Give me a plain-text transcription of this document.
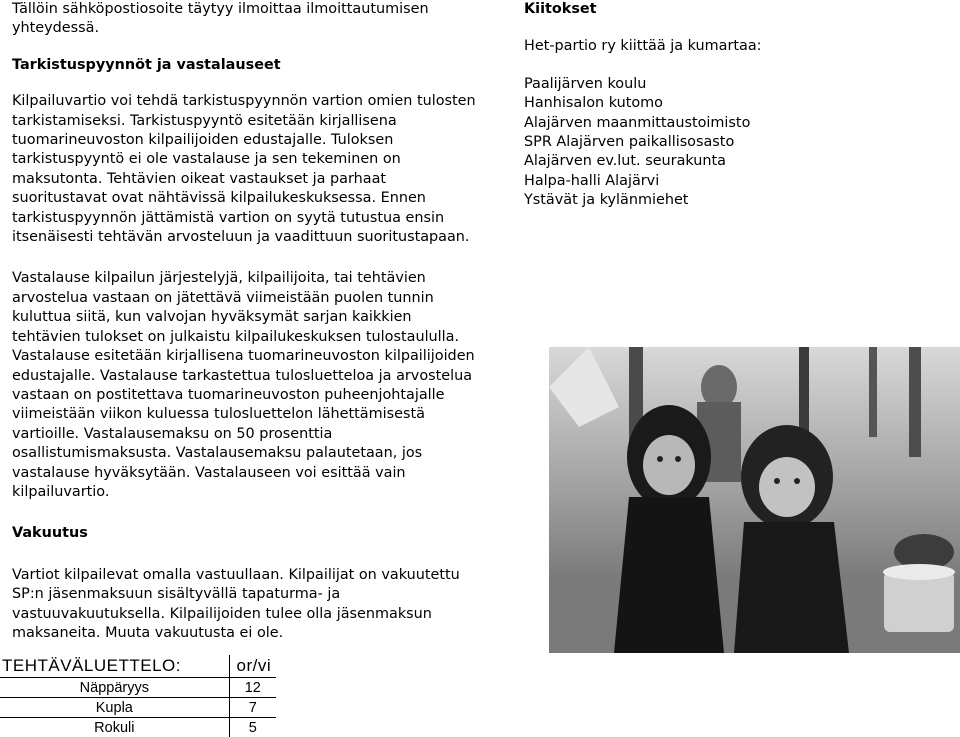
Tällöin sähköpostiosoite täytyy ilmoittaa ilmoittautumisen yhteydessä.

Tarkistuspyynnöt ja vastalauseet

Kilpailuvartio voi tehdä tarkistuspyynnön vartion omien tulosten tarkistamiseksi. Tarkistuspyyntö esitetään kirjallisena tuomarineuvoston kilpailijoiden edustajalle. Tuloksen tarkistuspyyntö ei ole vastalause ja sen tekeminen on maksutonta. Tehtävien oikeat vastaukset ja parhaat suoritustavat ovat nähtävissä kilpailukeskuksessa. Ennen tarkistuspyynnön jättämistä vartion on syytä tutustua ensin itsenäisesti tehtävän arvosteluun ja vaadittuun suoritustapaan.

Vastalause kilpailun järjestelyjä, kilpailijoita, tai tehtävien arvostelua vastaan on jätettävä viimeistään puolen tunnin kuluttua siitä, kun valvojan hyväksymät sarjan kaikkien tehtävien tulokset on julkaistu kilpailukeskuksen tulostaululla. Vastalause esitetään kirjallisena tuomarineuvoston kilpailijoiden edustajalle. Vastalause tarkastettua tulosluetteloa ja arvostelua vastaan on postitettava tuomarineuvoston puheenjohtajalle viimeistään viikon kuluessa tulosluettelon lähettämisestä vartioille. Vastalausemaksu on 50 prosenttia osallistumismaksusta. Vastalausemaksu palautetaan, jos vastalause hyväksytään. Vastalauseen voi esittää vain kilpailuvartio.

Vakuutus

Vartiot kilpailevat omalla vastuullaan. Kilpailijat on vakuutettu SP:n jäsenmaksuun sisältyvällä tapaturma- ja vastuuvakuutuksella. Kilpailijoiden tulee olla jäsenmaksun maksaneita. Muuta vakuutusta ei ole.

Kiitokset

Het-partio ry kiittää ja kumartaa:

Paalijärven koulu
Hanhisalon kutomo
Alajärven maanmittaustoimisto
SPR Alajärven paikallisosasto
Alajärven ev.lut. seurakunta
Halpa-halli Alajärvi
Ystävät ja kylänmiehet
TEHTÄVÄLUETTELO:	or/vi
Näppäryys	12
Kupla	7
Rokuli	5
